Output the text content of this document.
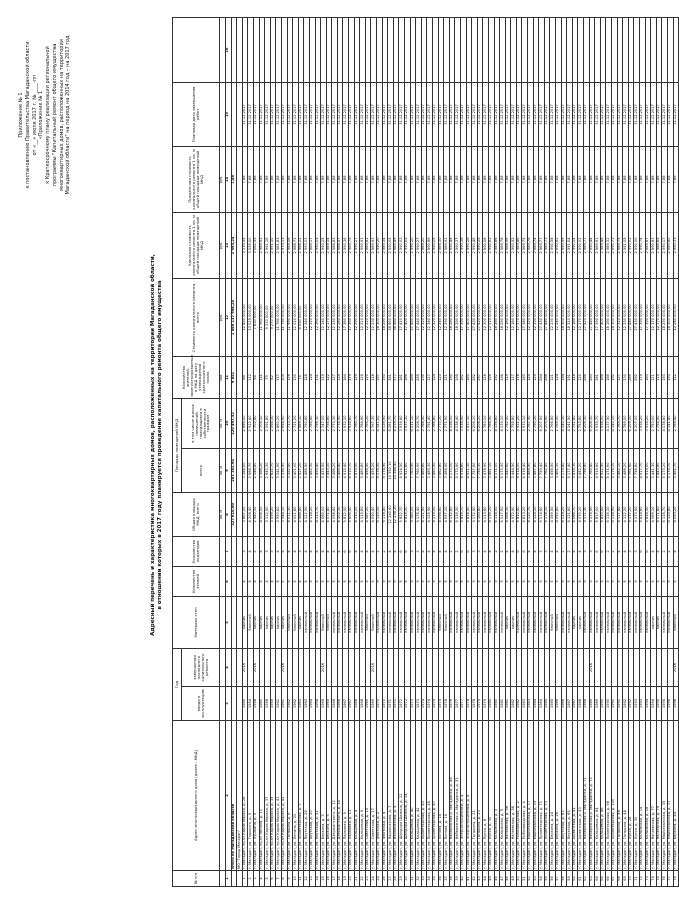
Приложение № 1 к постановлению Правительства Магаданской области от «__» июля 2017 г. № ____-пп «Приложение № 1 к Краткосрочному плану реализации региональной программы "Капитальный ремонт общего имущества многоквартирных домов, расположенных на территории Магаданской области" на период на 2014 год – на 2017 год
Адресный перечень и характеристика многоквартирных домов, расположенных на территории Магаданской области, в отношении которых в 2017 году планируется проведение капитального ремонта общего имущества
№ п/п	Адрес многоквартирного дома (далее - МКД)	Год		Материал стен	Количество этажей	Количество подъездов	Общая площадь МКД, всего	Площадь помещений МКД		Количество жителей, зарегистрированных в МКД на дату утверждения краткосрочного плана	Стоимость капитального ремонта, всего	Удельная стоимость капитального ремонта 1 кв. м общей площади помещений МКД	Предельная стоимость капитального ремонта 1 кв. м общей площади помещений МКД	Плановая дата завершения работ	
		ввода в эксплуатацию	завершения последнего капитального ремонта					всего	в том числе жилых помещений, находящихся в собственности граждан						
							кв. м	кв. м	кв. м	чел.	руб.	руб.	руб.		
1	2	3	4	5	6	7	8	9	10	11	12	13	14	15	16
	Итого по Магаданской области						327 610,00	281 162,94	220 497,52	9 851	1 060 137 906,24	2 993,24	7,88		
	МО "Город Магадан"														
1	г. Магадан, пр-кт Карла Маркса, д. 28	1950	2016	кирпич	4	3	3 867,00	3 284,00	2 689,00	88	12 450 000,00	3 219,55	7,88	31.12.2017	
2	г. Магадан, ул. Горького, д. 9	1954		блочный	5	4	4 208,40	3 566,70	2 912,60	112	13 025 000,00	3 095,00	7,88	31.12.2017	
3	г. Магадан, ул. Пушкина, д. 5	1956	2016	кирпич	4	2	2 540,10	2 148,80	1 702,40	64	7 830 000,00	3 082,55	7,88	31.12.2017	
4	г. Магадан, пр-кт Ленина, д. 11	1960		кирпич	5	4	4 006,00	3 388,20	2 705,10	121	11 960 000,00	2 985,52	7,88	31.12.2017	
5	г. Магадан, пр-кт Карла Маркса, д. 37	1958		кирпич	4	3	3 112,50	2 640,30	2 091,80	79	9 310 000,00	2 991,16	7,88	31.12.2017	
6	г. Магадан, пр-кт Карла Маркса, д. 39	1959		кирпич	4	3	3 099,20	2 621,70	2 064,30	82	9 270 000,00	2 991,10	7,88	31.12.2017	
7	г. Магадан, пр-кт Карла Маркса, д. 41	1961		кирпич	5	4	3 950,60	3 341,90	2 660,20	117	11 780 000,00	2 981,83	7,88	31.12.2017	
8	г. Магадан, пр-кт Карла Маркса, д. 43	1961	2016	кирпич	5	4	3 944,10	3 336,50	2 654,90	109	11 750 000,00	2 979,13	7,88	31.12.2017	
9	г. Магадан, ул. Гагарина, д. 6	1962		блочный	5	4	4 011,30	3 392,40	2 713,70	126	11 990 000,00	2 989,06	7,88	31.12.2017	
10	г. Магадан, ул. Ленина, д. 20	1962		блочный	5	4	4 021,80	3 401,00	2 721,20	130	12 020 000,00	2 988,71	7,88	31.12.2017	
11	г. Магадан, ул. Пролетарская, д. 7	1963		кирпич	4	3	2 988,40	2 527,20	1 989,10	75	8 930 000,00	2 988,22	7,88	31.12.2017	
12	г. Магадан, ул. Якутская, д. 28	1963		панельный	5	4	4 122,90	3 486,50	2 790,60	128	12 340 000,00	2 993,03	7,88	31.12.2017	
13	г. Магадан, ул. Якутская, д. 30	1964		панельный	5	4	4 118,20	3 482,30	2 785,40	124	12 310 000,00	2 989,17	7,88	31.12.2017	
14	г. Магадан, ул. Якутская, д. 32	1964		панельный	5	4	4 133,70	3 495,40	2 796,30	131	12 360 000,00	2 990,05	7,88	31.12.2017	
15	г. Магадан, ул. Берзина, д. 3	1965	2016	блочный	5	4	4 060,00	3 433,50	2 747,00	119	12 140 000,00	2 990,15	7,88	31.12.2017	
16	г. Магадан, ул. Берзина, д. 5	1965		блочный	5	4	4 071,40	3 443,10	2 754,80	122	12 170 000,00	2 989,14	7,88	31.12.2017	
17	г. Магадан, ул. Дзержинского, д. 12	1966		панельный	5	4	4 098,60	3 466,20	2 773,30	127	12 250 000,00	2 988,83	7,88	31.12.2017	
18	г. Магадан, ул. Дзержинского, д. 14	1966		панельный	5	4	4 102,30	3 469,40	2 775,90	125	12 260 000,00	2 988,57	7,88	31.12.2017	
19	г. Магадан, ул. Парковая, д. 9	1967		панельный	5	6	5 812,00	4 915,40	3 932,10	184	17 380 000,00	2 990,36	7,88	31.12.2017	
20	г. Магадан, ул. Парковая, д. 11	1967		панельный	5	6	5 806,50	4 910,70	3 928,60	179	17 360 000,00	2 989,75	7,88	31.12.2017	
21	г. Магадан, ул. Кольцевая, д. 4	1968		панельный	5	4	4 110,00	3 475,90	2 780,70	129	12 290 000,00	2 990,27	7,88	31.12.2017	
22	г. Магадан, ул. Кольцевая, д. 6	1968		панельный	5	4	4 115,80	3 480,80	2 784,60	126	12 310 000,00	2 990,91	7,88	31.12.2017	
23	г. Магадан, ул. Советская, д. 15	1969		блочный	5	4	4 087,20	3 456,50	2 765,20	120	12 220 000,00	2 989,82	7,88	31.12.2017	
24	г. Магадан, ул. Советская, д. 17	1969	2016	блочный	5	4	4 090,40	3 459,20	2 767,30	118	12 230 000,00	2 989,93	7,88	31.12.2017	
25	г. Магадан, ул. Флотская, д. 2	1970		панельный	9	2	6 120,00	5 176,30	4 141,00	197	18 300 000,00	2 990,20	7,88	31.12.2017	
26	г. Магадан, ул. Флотская, д. 4	1970		панельный	9	2	6 118,40	5 174,90	4 139,90	193	18 290 000,00	2 989,34	7,88	31.12.2017	
27	г. Магадан, ул. Наровчатова, д. 7	1971		панельный	9	4	12 240,60	10 352,10	8 281,70	381	36 600 000,00	2 990,05	7,88	31.12.2017	
28	г. Магадан, ул. Наровчатова, д. 9	1971		панельный	9	4	12 236,20	10 348,40	8 278,70	377	36 580 000,00	2 989,49	7,88	31.12.2017	
29	г. Магадан, ул. Шандора Шимича, д. 12	1972		панельный	5	6	5 822,70	4 924,50	3 939,60	181	17 410 000,00	2 990,02	7,88	31.12.2017	
30	г. Магадан, ул. Шандора Шимича, д. 14	1972		панельный	5	6	5 819,30	4 921,60	3 937,30	186	17 400 000,00	2 990,05	7,88	31.12.2017	
31	г. Магадан, ул. Кольцевая, д. 40	1973		панельный	9	3	9 180,00	7 763,90	6 211,10	289	27 450 000,00	2 990,20	7,88	31.12.2017	
32	г. Магадан, ул. Кольцевая, д. 42	1973		панельный	9	3	9 176,40	7 760,90	6 208,70	285	27 440 000,00	2 990,27	7,88	31.12.2017	
33	г. Магадан, ул. Пролетарская, д. 43	1974		панельный	5	4	4 121,50	3 485,60	2 788,50	130	12 320 000,00	2 989,20	7,88	31.12.2017	
34	г. Магадан, ул. Пролетарская, д. 45	1974		панельный	5	4	4 125,90	3 489,30	2 791,40	127	12 340 000,00	2 990,86	7,88	31.12.2017	
35	г. Магадан, ул. Пролетарская, д. 47	1975		панельный	5	4	4 119,00	3 483,50	2 786,80	124	12 320 000,00	2 990,05	7,88	31.12.2017	
36	г. Магадан, ул. Попова, д. 14	1975		блочный	5	4	4 094,60	3 462,80	2 770,20	123	12 240 000,00	2 989,30	7,88	31.12.2017	
37	г. Магадан, ул. Попова, д. 16	1976		блочный	5	4	4 097,10	3 464,90	2 771,90	121	12 250 000,00	2 989,92	7,88	31.12.2017	
38	г. Магадан, ул. Набережная р. Магаданки, д. 49	1976		панельный	9	2	6 112,80	5 170,00	4 136,00	190	18 280 000,00	2 990,44	7,88	31.12.2017	
39	г. Магадан, ул. Набережная р. Магаданки, д. 51	1977		панельный	9	2	6 116,30	5 172,90	4 138,40	195	18 290 000,00	2 990,37	7,88	31.12.2017	
40	г. Магадан, ул. Энергостроителей, д. 4	1977		панельный	5	6	5 815,70	4 918,60	3 934,90	182	17 390 000,00	2 990,18	7,88	31.12.2017	
41	г. Магадан, ул. Энергостроителей, д. 6	1978		панельный	5	6	5 818,90	4 921,30	3 937,10	180	17 400 000,00	2 990,26	7,88	31.12.2017	
42	г. Магадан, ул. Гагарина, д. 21	1978		панельный	9	3	9 172,50	7 757,60	6 206,10	282	27 430 000,00	2 990,46	7,88	31.12.2017	
43	г. Магадан, ул. Гагарина, д. 23	1979		панельный	9	3	9 169,80	7 755,30	6 204,20	287	27 420 000,00	2 990,25	7,88	31.12.2017	
44	г. Магадан, ул. Лукса, д. 8	1979		панельный	5	4	4 113,60	3 478,90	2 783,10	128	12 300 000,00	2 990,08	7,88	31.12.2017	
45	г. Магадан, ул. Лукса, д. 10	1980		панельный	5	4	4 116,20	3 481,10	2 784,90	126	12 310 000,00	2 990,62	7,88	31.12.2017	
46	г. Магадан, ул. Колымская, д. 3	1980		панельный	9	2	6 114,00	5 171,00	4 136,80	192	18 280 000,00	2 989,86	7,88	31.12.2017	
47	г. Магадан, ул. Колымская, д. 5	1981		панельный	9	2	6 117,50	5 173,90	4 139,10	196	18 290 000,00	2 989,78	7,88	31.12.2017	
48	г. Магадан, ул. Нагаевская, д. 56	1981		кирпич	5	4	4 068,30	3 440,60	2 752,50	119	12 160 000,00	2 988,96	7,88	31.12.2017	
49	г. Магадан, ул. Нагаевская, д. 58	1982		кирпич	5	4	4 072,90	3 444,50	2 755,60	117	12 180 000,00	2 990,52	7,88	31.12.2017	
50	г. Магадан, ул. Рыбозаводская, д. 2	1982		панельный	5	6	5 810,40	4 914,00	3 931,20	178	17 370 000,00	2 989,46	7,88	31.12.2017	
51	г. Магадан, ул. Рыбозаводская, д. 4	1983		панельный	5	6	5 813,20	4 916,40	3 933,10	183	17 380 000,00	2 989,75	7,88	31.12.2017	
52	г. Магадан, ул. Марчеканская, д. 17	1983		панельный	5	4	4 120,70	3 484,90	2 787,90	125	12 320 000,00	2 989,78	7,88	31.12.2017	
53	г. Магадан, ул. Марчеканская, д. 19	1984		панельный	5	4	4 124,10	3 487,80	2 790,20	129	12 330 000,00	2 989,74	7,88	31.12.2017	
54	г. Магадан, ул. Пролетарская, д. 71	1984		панельный	9	3	9 174,60	7 759,40	6 207,50	284	27 430 000,00	2 989,77	7,88	31.12.2017	
55	г. Магадан, ул. Пролетарская, д. 73	1985		панельный	9	3	9 178,10	7 762,40	6 209,90	288	27 440 000,00	2 989,73	7,88	31.12.2017	
56	г. Магадан, ул. Берзина, д. 24	1985		блочный	5	4	4 089,50	3 458,50	2 766,80	121	12 230 000,00	2 990,58	7,88	31.12.2017	
57	г. Магадан, ул. Берзина, д. 26	1986		блочный	5	4	4 092,80	3 461,30	2 769,00	124	12 240 000,00	2 990,62	7,88	31.12.2017	
58	г. Магадан, ул. Якутская, д. 63	1986		панельный	9	2	6 119,20	5 175,40	4 140,30	194	18 300 000,00	2 990,59	7,88	31.12.2017	
59	г. Магадан, ул. Якутская, д. 65	1987		панельный	9	2	6 121,60	5 177,40	4 141,90	191	18 310 000,00	2 991,04	7,88	31.12.2017	
60	г. Магадан, ул. Арманская, д. 41	1987		кирпич	5	4	4 066,70	3 439,30	2 751,40	118	12 160 000,00	2 990,14	7,88	31.12.2017	
61	г. Магадан, ул. Арманская, д. 43	1988		кирпич	5	4	4 070,20	3 442,20	2 753,80	120	12 170 000,00	2 990,02	7,88	31.12.2017	
62	г. Магадан, ул. Набережная р. Магаданки, д. 71	1988		панельный	9	3	9 171,30	7 756,60	6 205,30	286	27 420 000,00	2 989,77	7,88	31.12.2017	
63	г. Магадан, ул. Набережная р. Магаданки, д. 73	1989	2016	панельный	9	3	9 175,90	7 760,40	6 208,30	283	27 440 000,00	2 990,44	7,88	31.12.2017	
64	г. Магадан, ул. Кольцевая, д. 64	1989		панельный	5	6	5 817,00	4 919,60	3 935,70	181	17 390 000,00	2 989,51	7,88	31.12.2017	
65	г. Магадан, ул. Кольцевая, д. 66	1990		панельный	5	6	5 820,40	4 922,50	3 938,00	185	17 400 000,00	2 989,48	7,88	31.12.2017	
66	г. Магадан, ул. Пролетарская, д. 98	1990		панельный	9	2	6 115,10	5 171,90	4 137,50	189	18 280 000,00	2 989,32	7,88	31.12.2017	
67	г. Магадан, ул. Пролетарская, д. 100	1991		панельный	9	2	6 118,90	5 175,10	4 140,10	192	18 300 000,00	2 990,73	7,88	31.12.2017	
68	г. Магадан, ул. Гагарина, д. 46	1991		панельный	5	4	4 117,40	3 482,10	2 785,70	127	12 310 000,00	2 989,75	7,88	31.12.2017	
69	г. Магадан, ул. Гагарина, д. 48	1992		панельный	5	4	4 122,30	3 486,20	2 789,00	130	12 330 000,00	2 991,05	7,88	31.12.2017	
70	г. Магадан, ул. Лукса, д. 28	1992		панельный	9	3	9 177,20	7 761,60	6 209,30	285	27 440 000,00	2 990,02	7,88	31.12.2017	
71	г. Магадан, ул. Лукса, д. 30	1993		панельный	9	3	9 173,90	7 758,80	6 207,00	282	27 430 000,00	2 990,00	7,88	31.12.2017	
72	г. Магадан, ул. Колымская, д. 14	1993		панельный	5	6	5 814,60	4 917,70	3 934,20	179	17 390 000,00	2 990,74	7,88	31.12.2017	
73	г. Магадан, ул. Колымская, д. 16	1994		панельный	5	6	5 816,30	4 919,00	3 935,20	183	17 390 000,00	2 989,87	7,88	31.12.2017	
74	г. Магадан, ул. Нагаевская, д. 77	1994		кирпич	5	4	4 069,10	3 441,30	2 753,00	121	12 170 000,00	2 990,83	7,88	31.12.2017	
75	г. Магадан, ул. Нагаевская, д. 79	1995		кирпич	5	4	4 071,80	3 443,60	2 754,90	119	12 170 000,00	2 988,85	7,88	31.12.2017	
76	г. Магадан, ул. Марчеканская, д. 35	1995		панельный	9	2	6 116,70	5 173,20	4 138,60	193	18 290 000,00	2 990,17	7,88	31.12.2017	
77	г. Магадан, ул. Марчеканская, д. 37	1996		панельный	9	2	6 120,80	5 176,70	4 141,40	190	18 300 000,00	2 989,80	7,88	31.12.2017	
78	г. Магадан, ул. Берзина, д. 44	1996	2016	блочный	5	4	4 093,20	3 461,70	2 769,40	122	12 240 000,00	2 990,33	7,88	31.12.2017	
